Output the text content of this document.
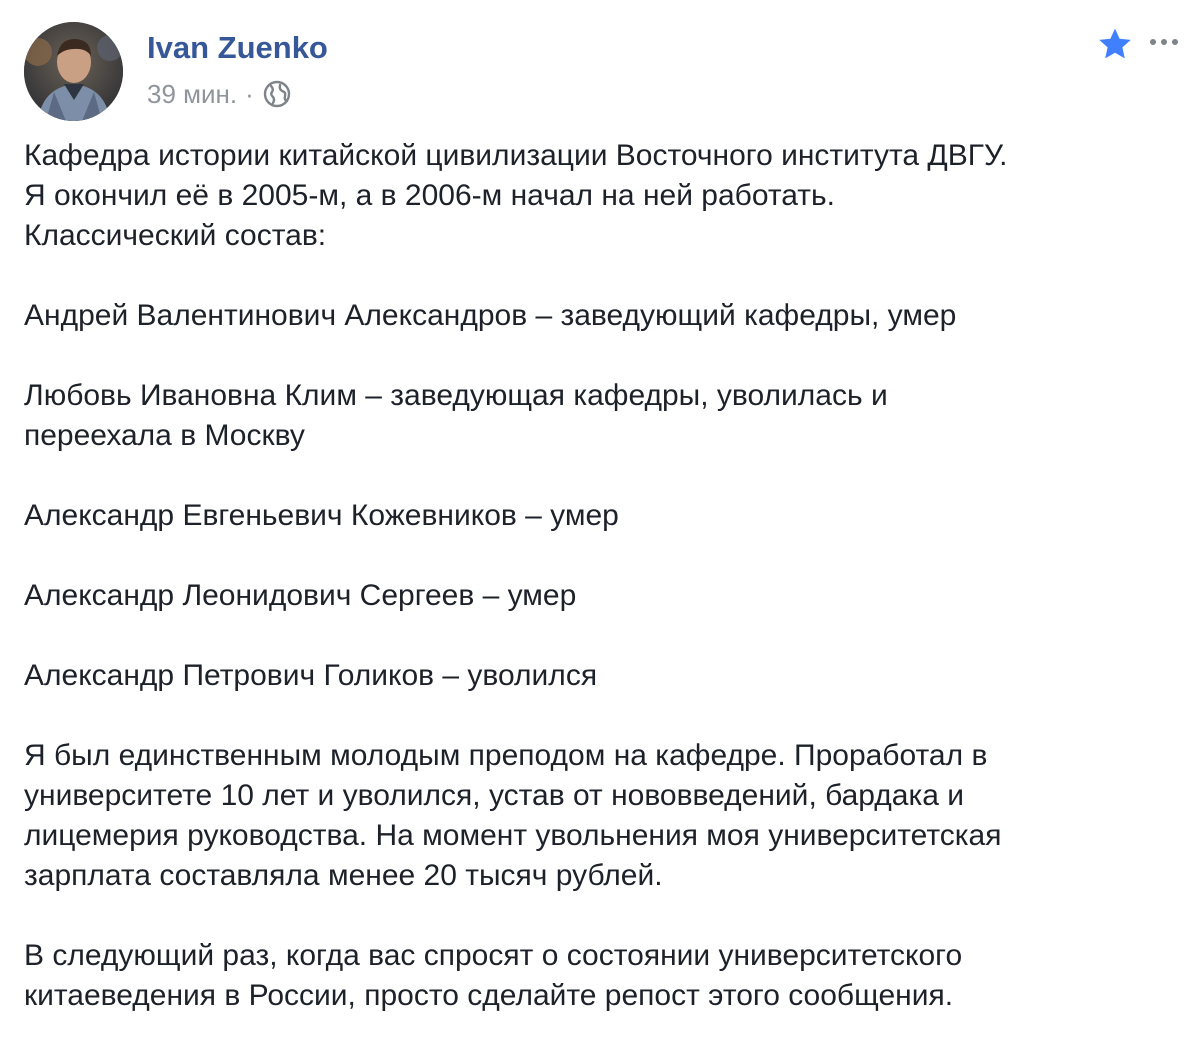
Ivan Zuenko
39 мин. ·

Кафедра истории китайской цивилизации Восточного института ДВГУ.
Я окончил её в 2005-м, а в 2006-м начал на ней работать.
Классический состав:

Андрей Валентинович Александров – заведующий кафедры, умер

Любовь Ивановна Клим – заведующая кафедры, уволилась и
переехала в Москву

Александр Евгеньевич Кожевников – умер

Александр Леонидович Сергеев – умер

Александр Петрович Голиков – уволился

Я был единственным молодым преподом на кафедре. Проработал в
университете 10 лет и уволился, устав от нововведений, бардака и
лицемерия руководства. На момент увольнения моя университетская
зарплата составляла менее 20 тысяч рублей.

В следующий раз, когда вас спросят о состоянии университетского
китаеведения в России, просто сделайте репост этого сообщения.
